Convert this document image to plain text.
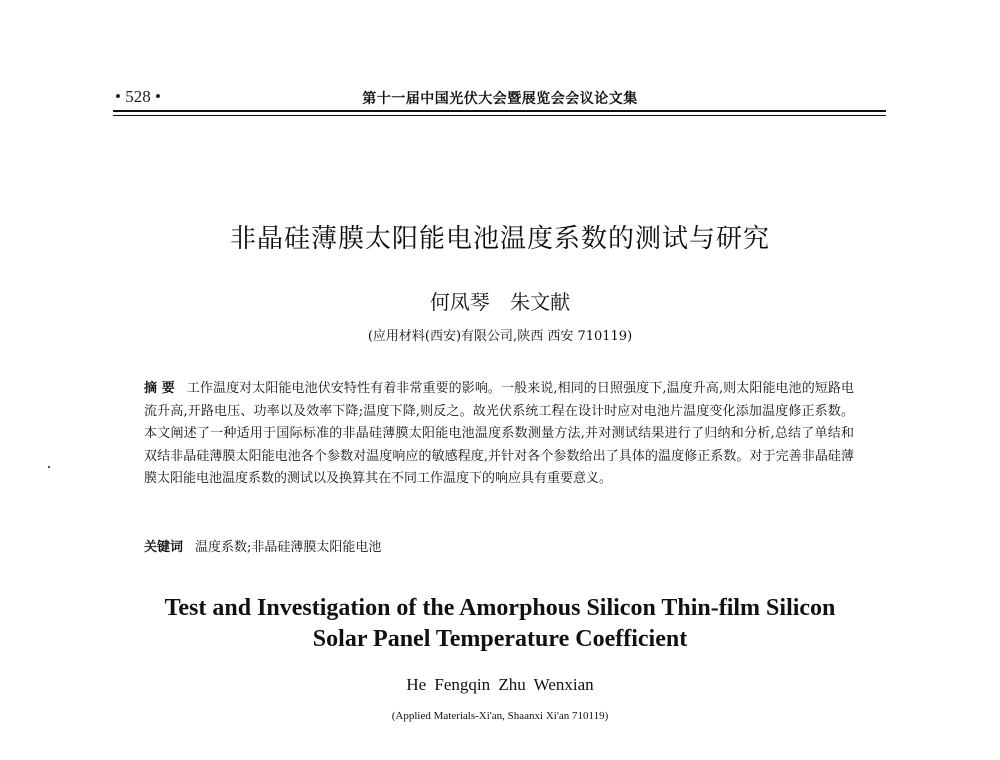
• 528 •	第十一届中国光伏大会暨展览会会议论文集
非晶硅薄膜太阳能电池温度系数的测试与研究
何凤琴 朱文献
(应用材料(西安)有限公司,陕西 西安 710119)
摘 要 工作温度对太阳能电池伏安特性有着非常重要的影响。一般来说,相同的日照强度下,温度升高,则太阳能电池的短路电流升高,开路电压、功率以及效率下降;温度下降,则反之。故光伏系统工程在设计时应对电池片温度变化添加温度修正系数。本文阐述了一种适用于国际标准的非晶硅薄膜太阳能电池温度系数测量方法,并对测试结果进行了归纳和分析,总结了单结和双结非晶硅薄膜太阳能电池各个参数对温度响应的敏感程度,并针对各个参数给出了具体的温度修正系数。对于完善非晶硅薄膜太阳能电池温度系数的测试以及换算其在不同工作温度下的响应具有重要意义。
关键词 温度系数;非晶硅薄膜太阳能电池
Test and Investigation of the Amorphous Silicon Thin-film Silicon
Solar Panel Temperature Coefficient
He Fengqin Zhu Wenxian
(Applied Materials-Xi'an, Shaanxi Xi'an 710119)
